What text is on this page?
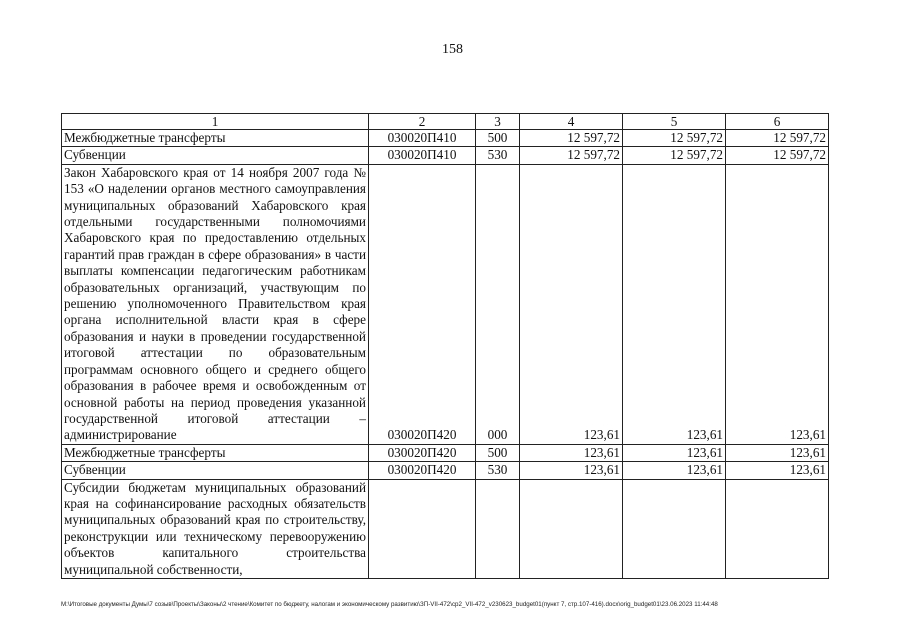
158
1	2	3	4	5	6
Межбюджетные трансферты	030020П410	500	12 597,72	12 597,72	12 597,72
Субвенции	030020П410	530	12 597,72	12 597,72	12 597,72
Закон Хабаровского края от 14 ноября 2007 года № 153 «О наделении органов местного самоуправления муниципальных образований Хабаровского края отдельными государственными полномочиями Хабаровского края по предоставлению отдельных гарантий прав граждан в сфере образования» в части выплаты компенсации педагогическим работникам образовательных организаций, участвующим по решению уполномоченного Правительством края органа исполнительной власти края в сфере образования и науки в проведении государственной итоговой аттестации по образовательным программам основного общего и среднего общего образования в рабочее время и освобожденным от основной работы на период проведения указанной государственной итоговой аттестации – администрирование	030020П420	000	123,61	123,61	123,61
Межбюджетные трансферты	030020П420	500	123,61	123,61	123,61
Субвенции	030020П420	530	123,61	123,61	123,61
Субсидии бюджетам муниципальных образований края на софинансирование расходных обязательств муниципальных образований края по строительству, реконструкции или техническому перевооружению объектов капитального строительства муниципальной собственности,					
M:\Итоговые документы Думы\7 созыв\Проекты\Законы\2 чтение\Комитет по бюджету, налогам и экономическому развитию\ЗП-VII-472\ср2_VII-472_v230623_budget01(пункт 7, стр.107-416).docx\orig_budget01\23.06.2023 11:44:48
